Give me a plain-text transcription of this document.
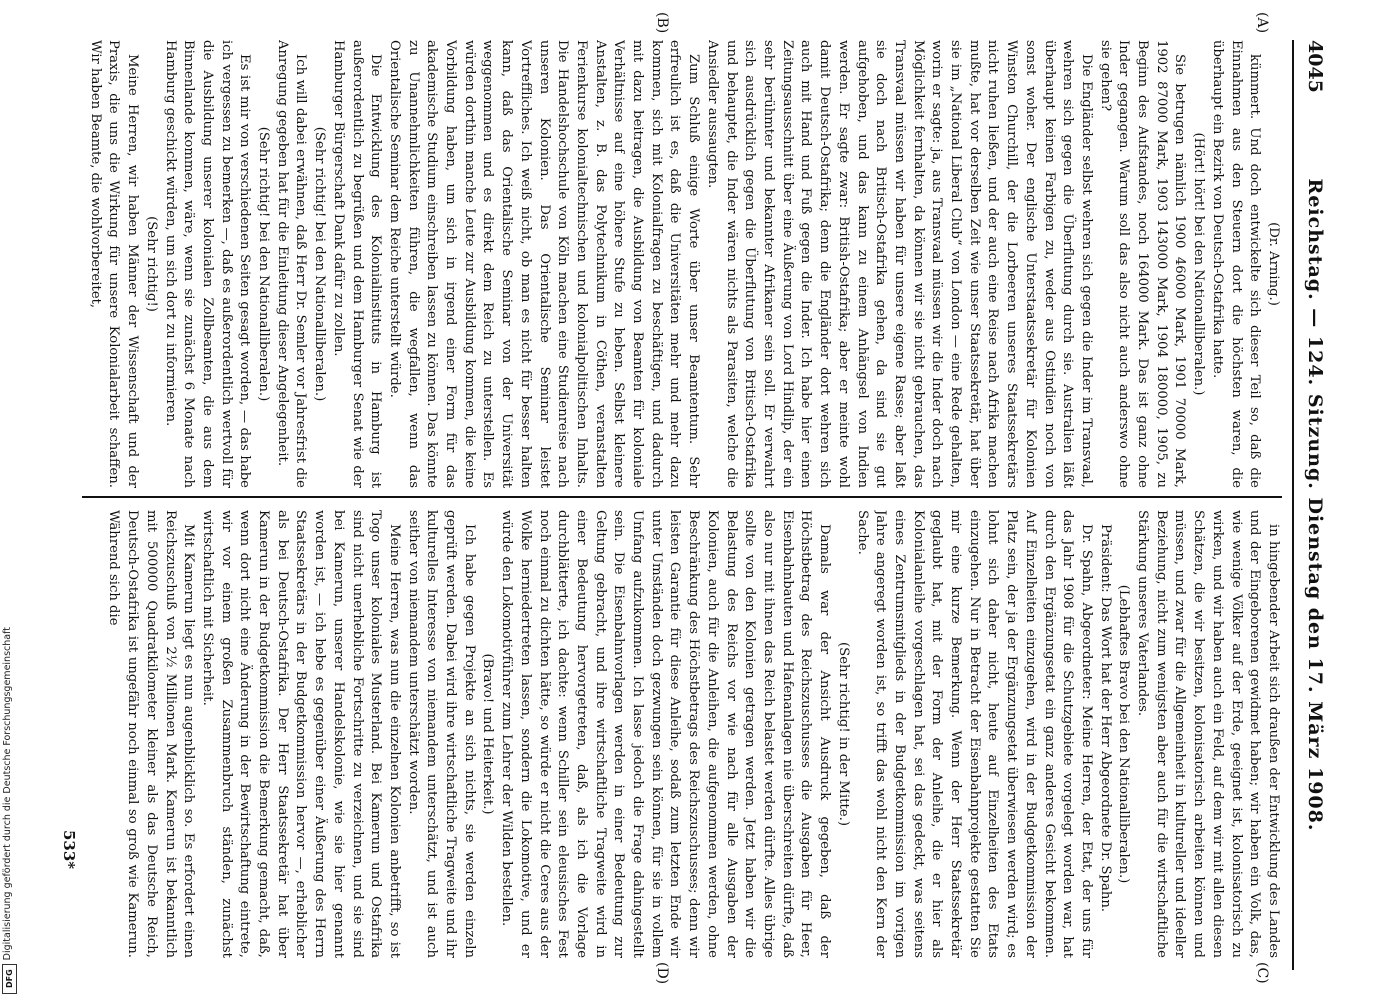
Digitalisierung gefördert durch die Deutsche Forschungsgemeinschaft
DFG
4045
Reichstag. — 124. Sitzung. Dienstag den 17. März 1908.
(A)
(B)
(C)
(D)

(Dr. Arning.)

kümmert. Und doch entwickelte sich dieser Teil so, daß die Einnahmen aus den Steuern dort die höchsten waren, die überhaupt ein Bezirk von Deutsch-Ostafrika hatte.

(Hört! hört! bei den Nationalliberalen.)

Sie betrugen nämlich 1900 46000 Mark, 1901 70000 Mark, 1902 87000 Mark, 1903 143000 Mark, 1904 180000, 1905, zu Beginn des Aufstandes, noch 164000 Mark. Das ist ganz ohne Inder gegangen. Warum soll das also nicht auch anderswo ohne sie gehen?

Die Engländer selbst wehren sich gegen die Inder im Transvaal, wehren sich gegen die Überflutung durch sie. Australien läßt überhaupt keinen Farbigen zu, weder aus Ostindien noch von sonst woher. Der englische Unterstaatssekretär für Kolonien Winston Churchill, der die Lorbeeren unseres Staatssekretärs nicht ruhen ließen, und der auch eine Reise nach Afrika machen mußte, hat vor derselben Zeit wie unser Staatssekretär, hat über sie im „National Liberal Club“ von London — eine Rede gehalten, worin er sagte: ja, aus Transvaal müssen wir die Inder doch nach Möglichkeit fernhalten, da können wir sie nicht gebrauchen, das Transvaal müssen wir haben für unsere eigene Rasse; aber laßt sie doch nach Britisch-Ostafrika gehen, da sind sie gut aufgehoben, und das kann zu einem Anhängsel von Indien werden. Er sagte zwar: British-Ostafrika; aber er meinte wohl damit Deutsch-Ostafrika; denn die Engländer dort wehren sich auch mit Hand und Fuß gegen die Inder. Ich habe hier einen Zeitungsausschnitt über eine Äußerung von Lord Hindlip, der ein sehr berühmter und bekannter Afrikaner sein soll. Er verwahrt sich ausdrücklich gegen die Überflutung von Britisch-Ostafrika und behauptet, die Inder wären nichts als Parasiten, welche die Ansiedler aussaugten.

Zum Schluß einige Worte über unser Beamtentum. Sehr erfreulich ist es, daß die Universitäten mehr und mehr dazu kommen, sich mit Kolonialfragen zu beschäftigen, und dadurch mit dazu beitragen, die Ausbildung von Beamten für koloniale Verhältnisse auf eine höhere Stufe zu heben. Selbst kleinere Anstalten, z. B. das Polytechnikum in Cöthen, veranstalten Ferienkurse kolonialtechnischen und kolonialpolitischen Inhalts. Die Handelshochschule von Köln machen eine Studienreise nach unseren Kolonien. Das Orientalische Seminar leistet Vortreffliches. Ich weiß nicht, ob man es nicht für besser halten kann, daß das Orientalische Seminar von der Universität weggenommen und es direkt dem Reich zu unterstellen. Es würden dorthin manche Leute zur Ausbildung kommen, die keine Vorbildung haben, um sich in irgend einer Form für das akademische Studium einschreiben lassen zu können. Das könnte zu Unannehmlichkeiten führen, die wegfallen, wenn das Orientalische Seminar dem Reiche unterstellt würde.

Die Entwicklung des Kolonialinstituts in Hamburg ist außerordentlich zu begrüßen und dem Hamburger Senat wie der Hamburger Bürgerschaft Dank dafür zu zollen.

(Sehr richtig! bei den Nationalliberalen.)

Ich will dabei erwähnen, daß Herr Dr. Semler vor Jahresfrist die Anregung gegeben hat für die Einleitung dieser Angelegenheit.

(Sehr richtig! bei den Nationalliberalen.)

Es ist mir von verschiedenen Seiten gesagt worden, — das habe ich vergessen zu bemerken —, daß es außerordentlich wertvoll für die Ausbildung unserer kolonialen Zollbeamten, die aus dem Binnenlande kommen, wäre, wenn sie zunächst 6 Monate nach Hamburg geschickt würden, um sich dort zu informieren.

(Sehr richtig!)

Meine Herren, wir haben Männer der Wissenschaft und der Praxis, die uns die Wirkung für unsere Kolonialarbeit schaffen. Wir haben Beamte, die wohlvorbereitet,

in hingebender Arbeit sich draußen der Entwicklung des Landes und der Eingeborenen gewidmet haben; wir haben ein Volk, das, wie wenige Völker auf der Erde, geeignet ist, kolonisatorisch zu wirken, und wir haben auch ein Feld, auf dem wir mit allen diesen Schätzen, die wir besitzen, kolonisatorisch arbeiten können und müssen, und zwar für die Allgemeinheit in kultureller und ideeller Beziehung, nicht zum wenigsten aber auch für die wirtschaftliche Stärkung unseres Vaterlandes.

(Lebhaftes Bravo bei den Nationalliberalen.)

Präsident: Das Wort hat der Herr Abgeordnete Dr. Spahn.

Dr. Spahn, Abgeordneter: Meine Herren, der Etat, der uns für das Jahr 1908 für die Schutzgebiete vorgelegt worden war, hat durch den Ergänzungsetat ein ganz anderes Gesicht bekommen. Auf Einzelheiten einzugehen, wird in der Budgetkommission der Platz sein, der ja der Ergänzungsetat überwiesen werden wird; es lohnt sich daher nicht, heute auf Einzelheiten des Etats einzugehen. Nur in Betracht der Eisenbahnprojekte gestatten Sie mir eine kurze Bemerkung. Wenn der Herr Staatssekretär geglaubt hat, mit der Form der Anleihe, die er hier als Kolonialanleihe vorgeschlagen hat, sei das gedeckt, was seitens eines Zentrumsmitglieds in der Budgetkommission im vorigen Jahre angeregt worden ist, so trifft das wohl nicht den Kern der Sache.

(Sehr richtig! in der Mitte.)

Damals war der Ansicht Ausdruck gegeben, daß der Höchstbetrag des Reichszuschusses die Ausgaben für Heer, Eisenbahnbauten und Hafenanlagen nie überschreiten dürfte, daß also nur mit ihnen das Reich belastet werden dürfte. Alles übrige sollte von den Kolonien getragen werden. Jetzt haben wir die Belastung des Reichs vor wie nach für alle Ausgaben der Kolonien, auch für die Anleihen, die aufgenommen werden, ohne Beschränkung des Höchstbetrags des Reichszuschusses; denn wir leisten Garantie für diese Anleihe, sodaß zum letzten Ende wir unter Umständen doch gezwungen sein können, für sie in vollem Umfang aufzukommen. Ich lasse jedoch die Frage dahingestellt sein. Die Eisenbahnvorlagen werden in einer Bedeutung zur Geltung gebracht, und ihre wirtschaftliche Tragweite wird in einer Bedeutung hervorgetreten, daß, als ich die Vorlage durchblätterte, ich dachte: wenn Schiller sein eleusisches Fest noch einmal zu dichten hätte, so würde er nicht die Ceres aus der Wolke herniedertreten lassen, sondern die Lokomotive, und er würde den Lokomotivführer zum Lehrer der Wilden bestellen.

(Bravo! und Heiterkeit.)

Ich habe gegen Projekte an sich nichts, sie werden einzeln geprüft werden. Dabei wird ihre wirtschaftliche Tragweite und ihr kulturelles Interesse von niemandem unterschätzt, und ist auch seither von niemandem unterschätzt worden.

Meine Herren, was nun die einzelnen Kolonien anbetrifft, so ist Togo unser koloniales Musterland. Bei Kamerun und Ostafrika sind nicht unerhebliche Fortschritte zu verzeichnen, und sie sind bei Kamerun, unserer Handelskolonie, wie sie hier genannt worden ist, — ich hebe es gegenüber einer Äußerung des Herrn Staatssekretärs in der Budgetkommission hervor —, erheblicher als bei Deutsch-Ostafrika. Der Herr Staatssekretär hat über Kamerun in der Budgetkommission die Bemerkung gemacht, daß, wenn dort nicht eine Änderung in der Bewirtschaftung eintrete, wir vor einem großen Zusammenbruch ständen, zunächst wirtschaftlich mit Sicherheit.

Mit Kamerun liegt es nun augenblicklich so. Es erfordert einen Reichszuschuß von 2½ Millionen Mark. Kamerun ist bekanntlich mit 500000 Quadratkilometer kleiner als das Deutsche Reich, Deutsch-Ostafrika ist ungefähr noch einmal so groß wie Kamerun. Während sich die

533*
